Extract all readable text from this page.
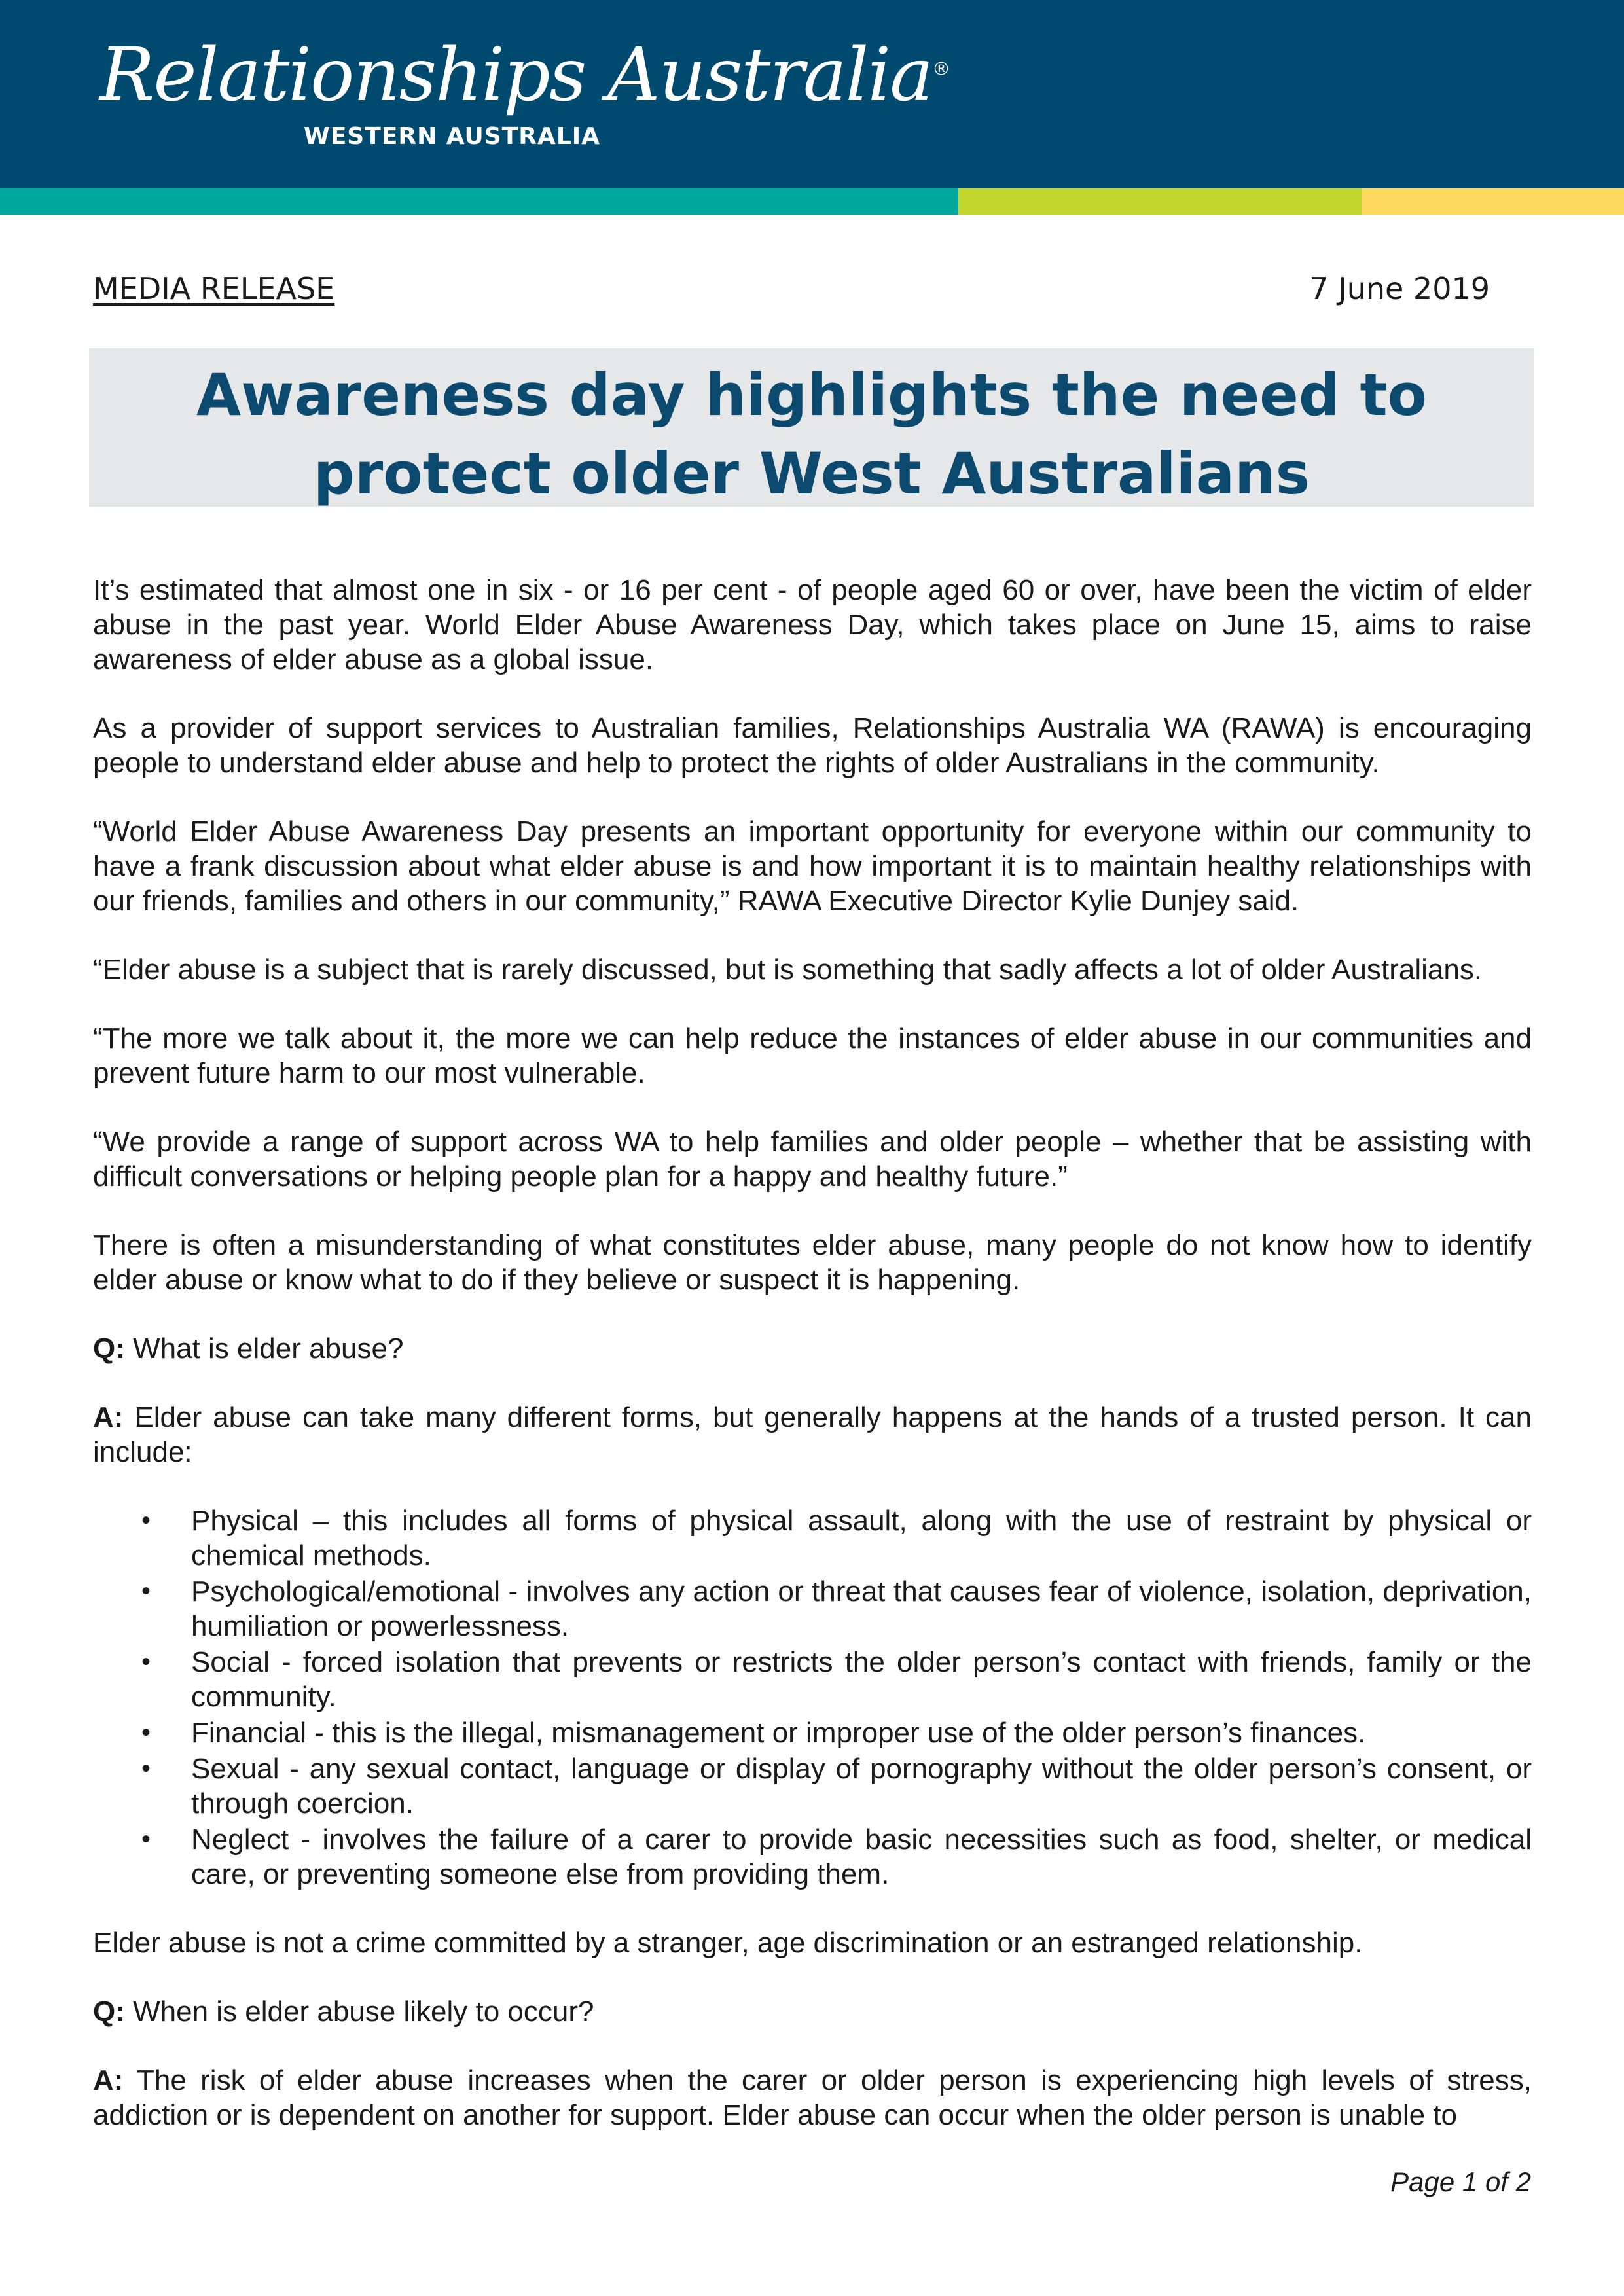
Relationships Australia®
WESTERN AUSTRALIA
MEDIA RELEASE	7 June 2019
Awareness day highlights the need to protect older West Australians

It’s estimated that almost one in six - or 16 per cent - of people aged 60 or over, have been the victim of elder abuse in the past year. World Elder Abuse Awareness Day, which takes place on June 15, aims to raise awareness of elder abuse as a global issue.

As a provider of support services to Australian families, Relationships Australia WA (RAWA) is encouraging people to understand elder abuse and help to protect the rights of older Australians in the community.

“World Elder Abuse Awareness Day presents an important opportunity for everyone within our community to have a frank discussion about what elder abuse is and how important it is to maintain healthy relationships with our friends, families and others in our community,” RAWA Executive Director Kylie Dunjey said.

“Elder abuse is a subject that is rarely discussed, but is something that sadly affects a lot of older Australians.

“The more we talk about it, the more we can help reduce the instances of elder abuse in our communities and prevent future harm to our most vulnerable.

“We provide a range of support across WA to help families and older people – whether that be assisting with difficult conversations or helping people plan for a happy and healthy future.”

There is often a misunderstanding of what constitutes elder abuse, many people do not know how to identify elder abuse or know what to do if they believe or suspect it is happening.

Q: What is elder abuse?

A: Elder abuse can take many different forms, but generally happens at the hands of a trusted person. It can include:

• Physical – this includes all forms of physical assault, along with the use of restraint by physical or chemical methods.
• Psychological/emotional - involves any action or threat that causes fear of violence, isolation, deprivation, humiliation or powerlessness.
• Social - forced isolation that prevents or restricts the older person’s contact with friends, family or the community.
• Financial - this is the illegal, mismanagement or improper use of the older person’s finances.
• Sexual - any sexual contact, language or display of pornography without the older person’s consent, or through coercion.
• Neglect - involves the failure of a carer to provide basic necessities such as food, shelter, or medical care, or preventing someone else from providing them.

Elder abuse is not a crime committed by a stranger, age discrimination or an estranged relationship.

Q: When is elder abuse likely to occur?

A: The risk of elder abuse increases when the carer or older person is experiencing high levels of stress, addiction or is dependent on another for support. Elder abuse can occur when the older person is unable to

Page 1 of 2
